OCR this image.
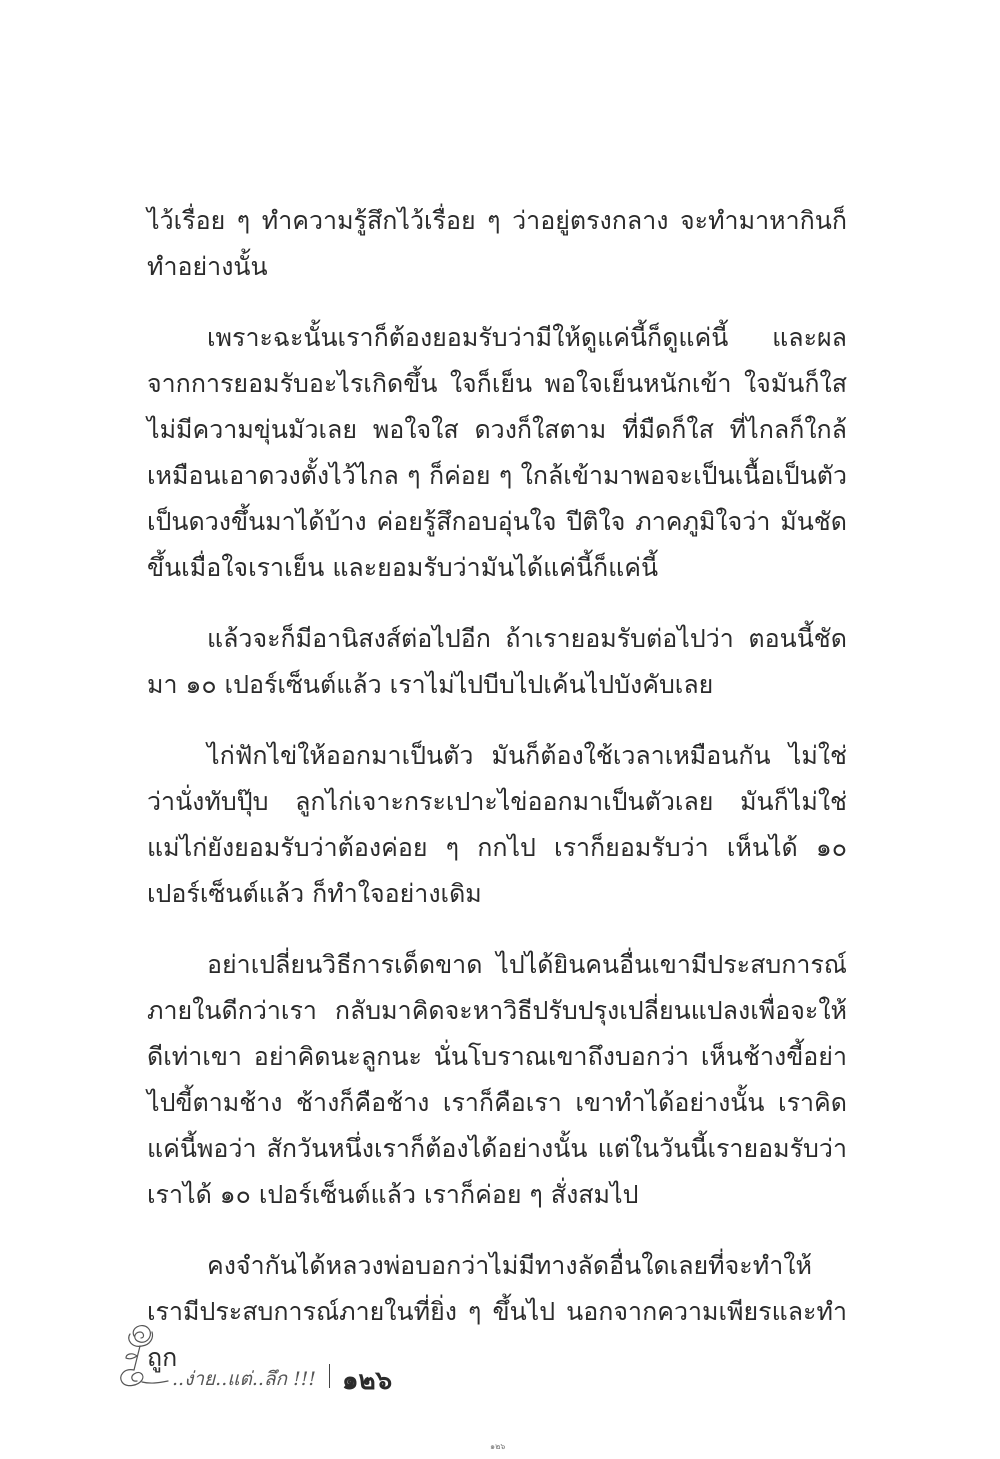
ไว้เรื่อย ๆ ทำความรู้สึกไว้เรื่อย ๆ ว่าอยู่ตรงกลาง จะทำมาหากินก็ทำอย่างนั้น

เพราะฉะนั้นเราก็ต้องยอมรับว่ามีให้ดูแค่นี้ก็ดูแค่นี้ และผลจากการยอมรับอะไรเกิดขึ้น ใจก็เย็น พอใจเย็นหนักเข้า ใจมันก็ใส ไม่มีความขุ่นมัวเลย พอใจใส ดวงก็ใสตาม ที่มืดก็ใส ที่ไกลก็ใกล้ เหมือนเอาดวงตั้งไว้ไกล ๆ ก็ค่อย ๆ ใกล้เข้ามาพอจะเป็นเนื้อเป็นตัวเป็นดวงขึ้นมาได้บ้าง ค่อยรู้สึกอบอุ่นใจ ปีติใจ ภาคภูมิใจว่า มันชัดขึ้นเมื่อใจเราเย็น และยอมรับว่ามันได้แค่นี้ก็แค่นี้

แล้วจะก็มีอานิสงส์ต่อไปอีก ถ้าเรายอมรับต่อไปว่า ตอนนี้ชัดมา ๑๐ เปอร์เซ็นต์แล้ว เราไม่ไปบีบไปเค้นไปบังคับเลย

ไก่ฟักไข่ให้ออกมาเป็นตัว มันก็ต้องใช้เวลาเหมือนกัน ไม่ใช่ว่านั่งทับปุ๊บ ลูกไก่เจาะกระเปาะไข่ออกมาเป็นตัวเลย มันก็ไม่ใช่ แม่ไก่ยังยอมรับว่าต้องค่อย ๆ กกไป เราก็ยอมรับว่า เห็นได้ ๑๐ เปอร์เซ็นต์แล้ว ก็ทำใจอย่างเดิม

อย่าเปลี่ยนวิธีการเด็ดขาด ไปได้ยินคนอื่นเขามีประสบการณ์ภายในดีกว่าเรา กลับมาคิดจะหาวิธีปรับปรุงเปลี่ยนแปลงเพื่อจะให้ดีเท่าเขา อย่าคิดนะลูกนะ นั่นโบราณเขาถึงบอกว่า เห็นช้างขี้อย่าไปขี้ตามช้าง ช้างก็คือช้าง เราก็คือเรา เขาทำได้อย่างนั้น เราคิดแค่นี้พอว่า สักวันหนึ่งเราก็ต้องได้อย่างนั้น แต่ในวันนี้เรายอมรับว่าเราได้ ๑๐ เปอร์เซ็นต์แล้ว เราก็ค่อย ๆ สั่งสมไป

คงจำกันได้หลวงพ่อบอกว่าไม่มีทางลัดอื่นใดเลยที่จะทำให้เรามีประสบการณ์ภายในที่ยิ่ง ๆ ขึ้นไป นอกจากความเพียรและทำถูก

..ง่าย..แต่..ลึก !!! ๑๒๖
๑๒๖
